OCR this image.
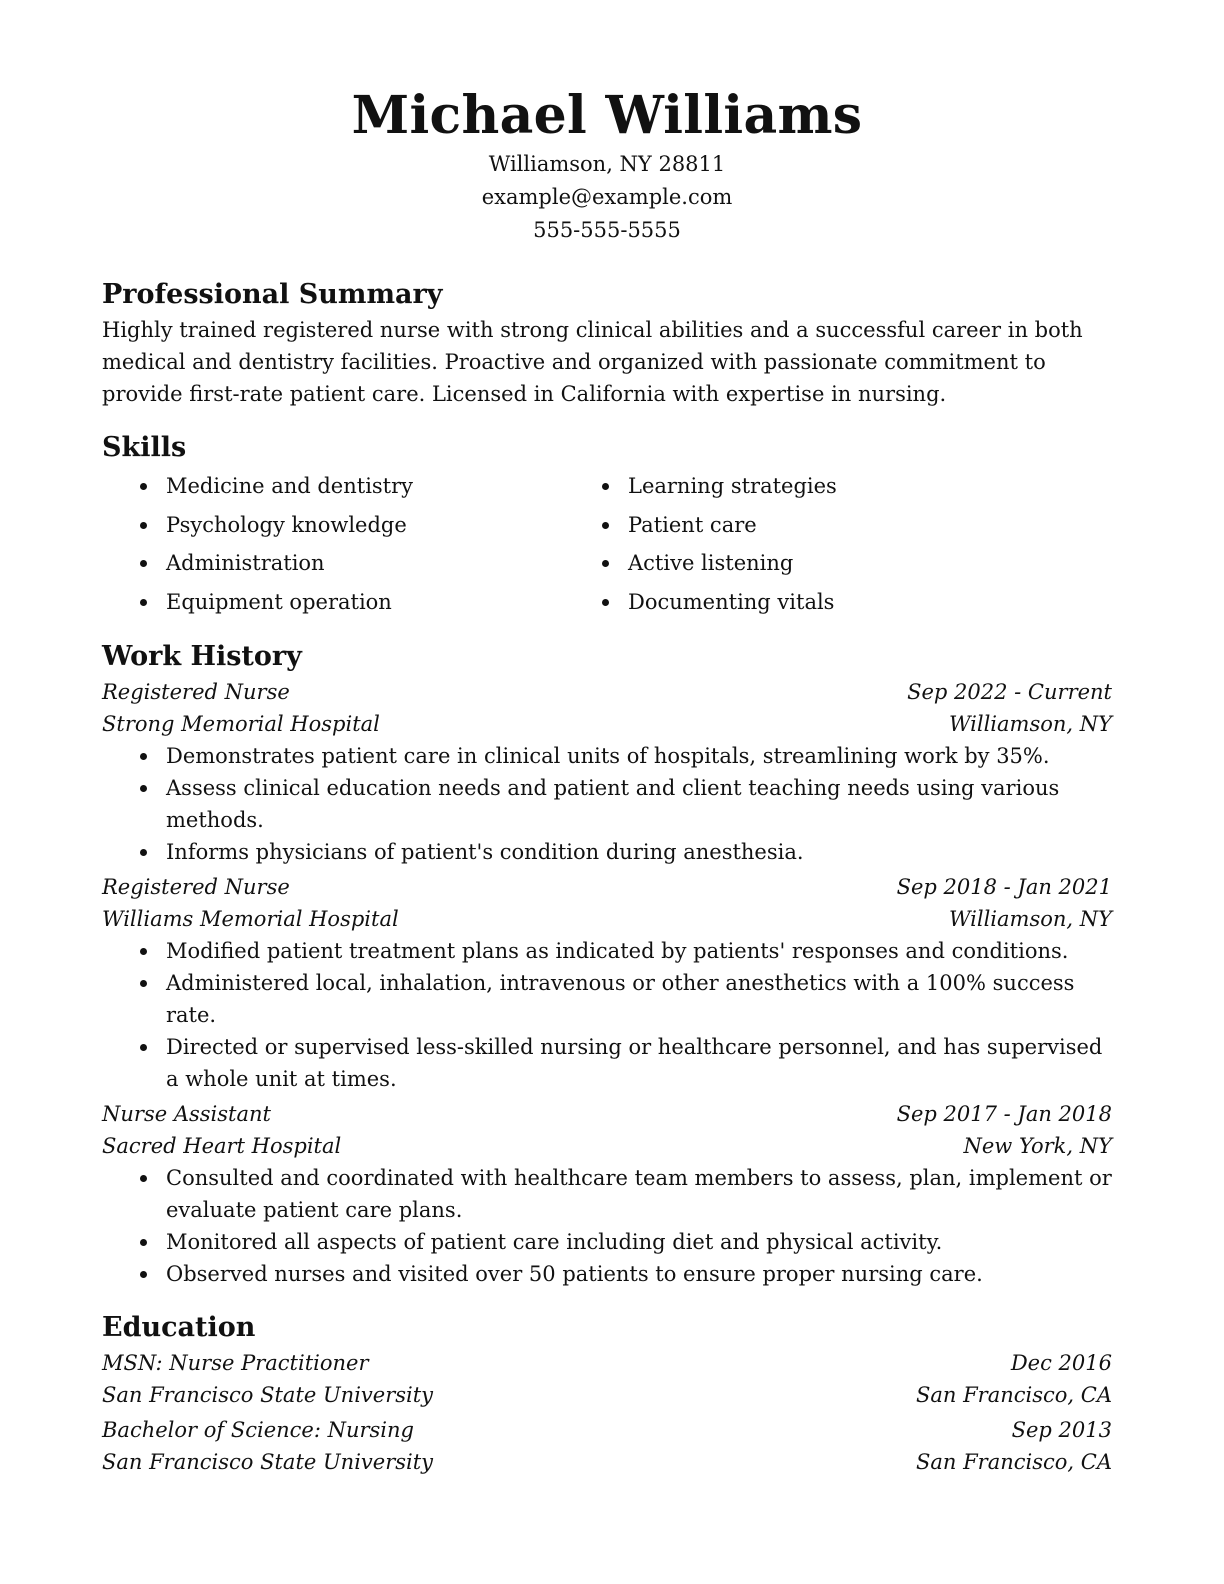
Michael Williams

Williamson, NY 28811

example@example.com

555-555-5555

Professional Summary

Highly trained registered nurse with strong clinical abilities and a successful career in both medical and dentistry facilities. Proactive and organized with passionate commitment to provide first-rate patient care. Licensed in California with expertise in nursing.

Skills
Medicine and dentistry
Psychology knowledge
Administration
Equipment operation
Learning strategies
Patient care
Active listening
Documenting vitals
Work History
Registered Nurse	Sep 2022 - Current
Strong Memorial Hospital	Williamson, NY
Demonstrates patient care in clinical units of hospitals, streamlining work by 35%.
Assess clinical education needs and patient and client teaching needs using various methods.
Informs physicians of patient's condition during anesthesia.
Registered Nurse	Sep 2018 - Jan 2021
Williams Memorial Hospital	Williamson, NY
Modified patient treatment plans as indicated by patients' responses and conditions.
Administered local, inhalation, intravenous or other anesthetics with a 100% success rate.
Directed or supervised less-skilled nursing or healthcare personnel, and has supervised a whole unit at times.
Nurse Assistant	Sep 2017 - Jan 2018
Sacred Heart Hospital	New York, NY
Consulted and coordinated with healthcare team members to assess, plan, implement or evaluate patient care plans.
Monitored all aspects of patient care including diet and physical activity.
Observed nurses and visited over 50 patients to ensure proper nursing care.
Education
MSN: Nurse Practitioner	Dec 2016
San Francisco State University	San Francisco, CA
Bachelor of Science: Nursing	Sep 2013
San Francisco State University	San Francisco, CA
